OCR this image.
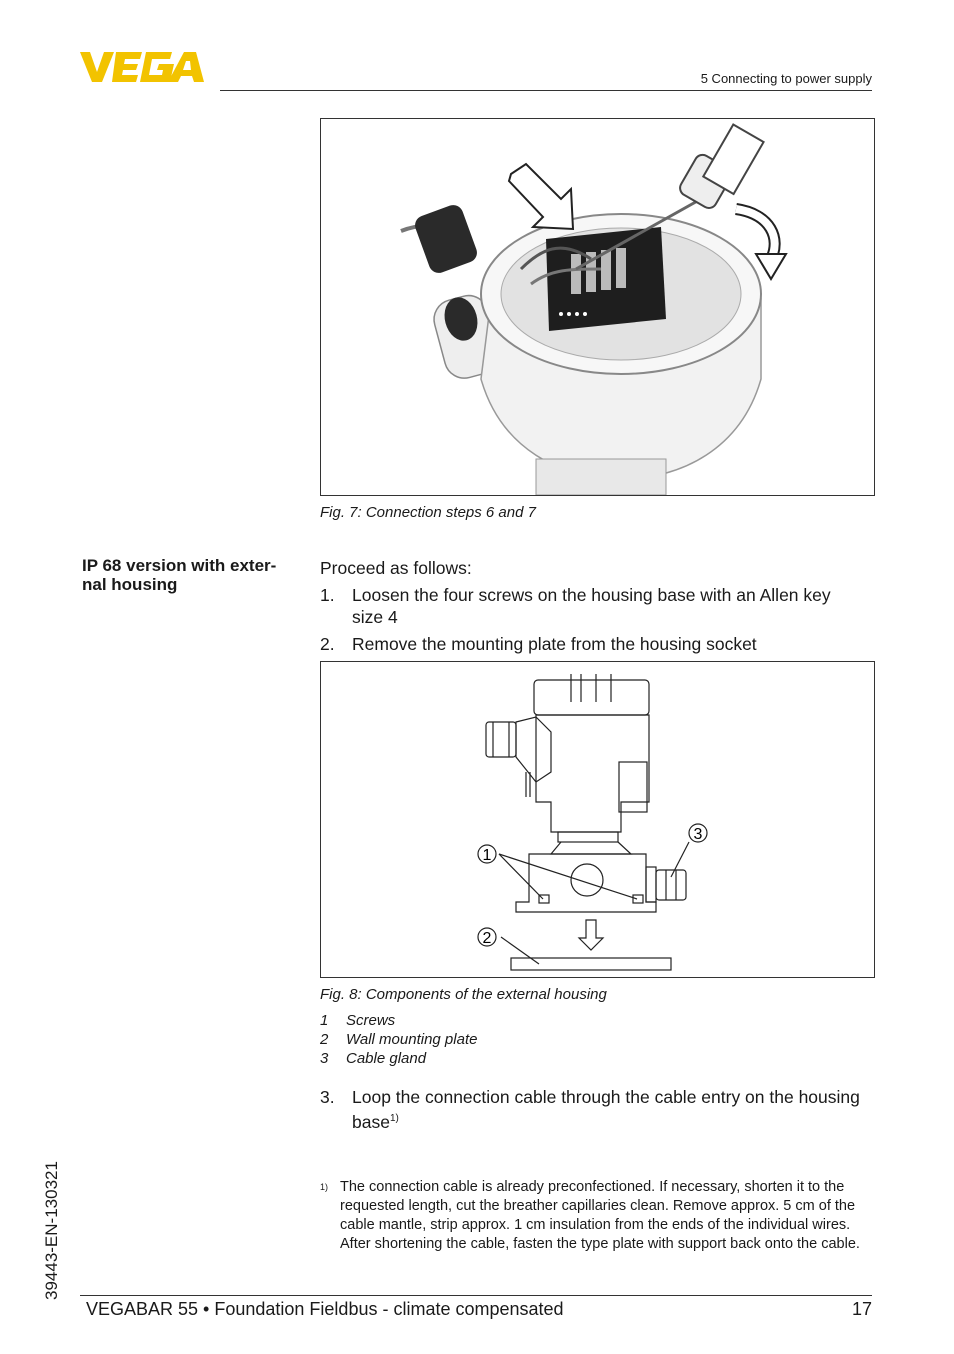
5 Connecting to power supply
Fig. 7: Connection steps 6 and 7
IP 68 version with exter-nal housing
Proceed as follows:
1. Loosen the four screws on the housing base with an Allen key size 4
2. Remove the mounting plate from the housing socket
1
2
3
Fig. 8: Components of the external housing
1 Screws
2 Wall mounting plate
3 Cable gland
3. Loop the connection cable through the cable entry on the housing base$^{1)}$
1) The connection cable is already preconfectioned. If necessary, shorten it to the requested length, cut the breather capillaries clean. Remove approx. 5 cm of the cable mantle, strip approx. 1 cm insulation from the ends of the individual wires. After shortening the cable, fasten the type plate with support back onto the cable.
39443-EN-130321
VEGABAR 55 • Foundation Fieldbus - climate compensated	17
